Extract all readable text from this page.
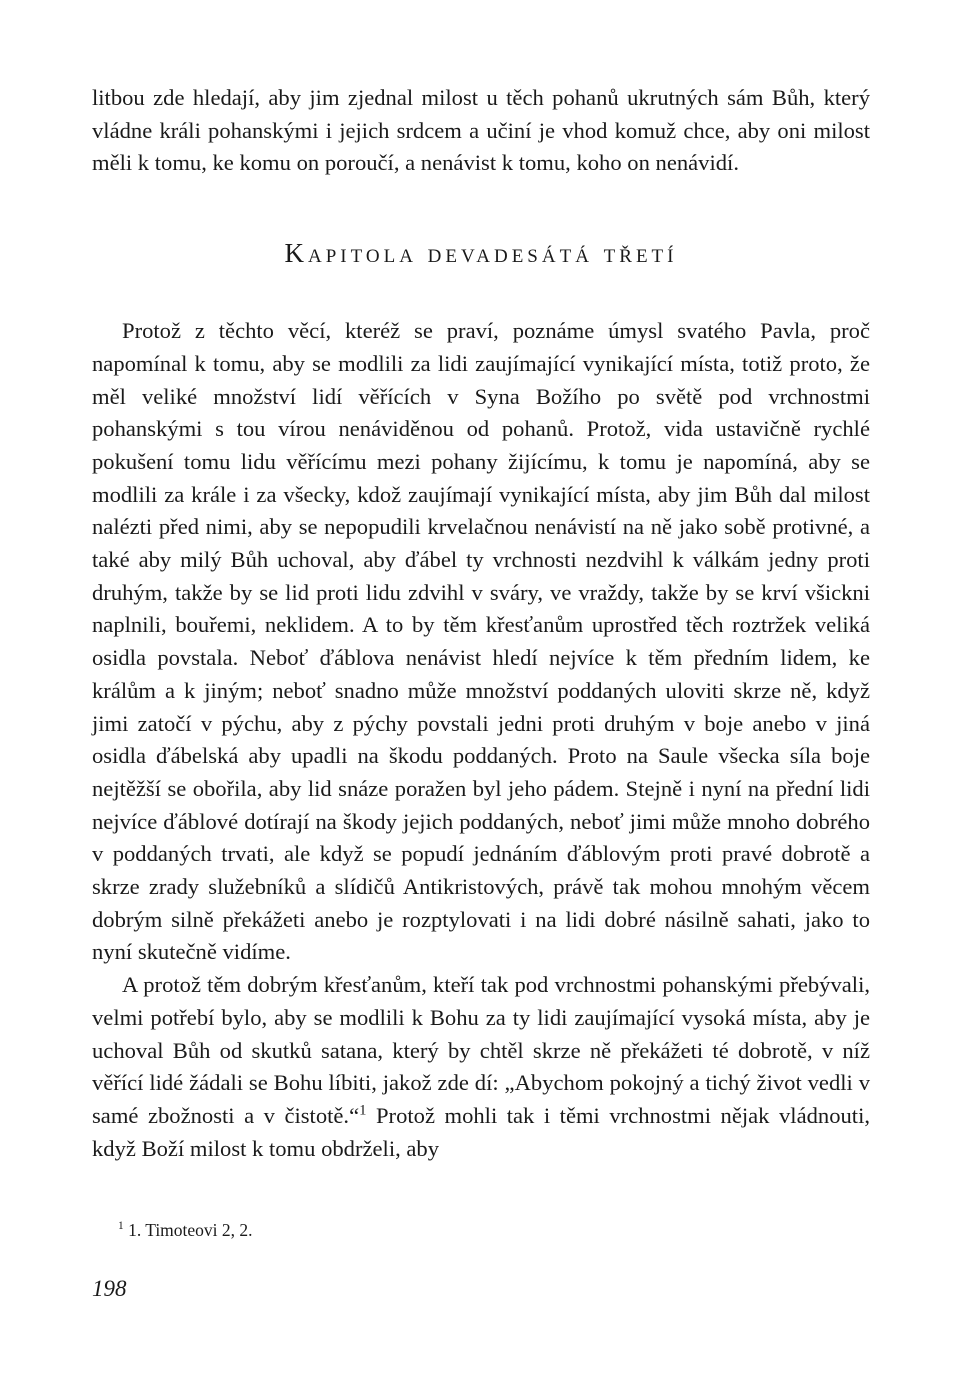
litbou zde hledají, aby jim zjednal milost u těch pohanů ukrutných sám Bůh, který vládne králi pohanskými i jejich srdcem a učiní je vhod komuž chce, aby oni milost měli k tomu, ke komu on poroučí, a nenávist k tomu, koho on nenávidí.

Kapitola devadesátá třetí

Protož z těchto věcí, kteréž se praví, poznáme úmysl svatého Pavla, proč napomínal k tomu, aby se modlili za lidi zaujímající vynikající místa, totiž proto, že měl veliké množství lidí věřících v Syna Božího po světě pod vrchnostmi pohanskými s tou vírou nenáviděnou od pohanů. Protož, vida ustavičně rychlé pokušení tomu lidu věřícímu mezi pohany žijícímu, k tomu je napomíná, aby se modlili za krále i za všecky, kdož zaujímají vynikající místa, aby jim Bůh dal milost nalézti před nimi, aby se nepopudili krvelačnou nenávistí na ně jako sobě protivné, a také aby milý Bůh uchoval, aby ďábel ty vrchnosti nezdvihl k válkám jedny proti druhým, takže by se lid proti lidu zdvihl v sváry, ve vraždy, takže by se krví všickni naplnili, bouřemi, neklidem. A to by těm křesťanům uprostřed těch roztržek veliká osidla povstala. Neboť ďáblova nenávist hledí nejvíce k těm předním lidem, ke králům a k jiným; neboť snadno může množství poddaných uloviti skrze ně, když jimi zatočí v pýchu, aby z pýchy povstali jedni proti druhým v boje anebo v jiná osidla ďábelská aby upadli na škodu poddaných. Proto na Saule všecka síla boje nejtěžší se obořila, aby lid snáze poražen byl jeho pádem. Stejně i nyní na přední lidi nejvíce ďáblové dotírají na škody jejich poddaných, neboť jimi může mnoho dobrého v poddaných trvati, ale když se popudí jednáním ďáblovým proti pravé dobrotě a skrze zrady služebníků a slídičů Antikristových, právě tak mohou mnohým věcem dobrým silně překážeti anebo je rozptylovati i na lidi dobré násilně sahati, jako to nyní skutečně vidíme.

A protož těm dobrým křesťanům, kteří tak pod vrchnostmi pohanskými přebývali, velmi potřebí bylo, aby se modlili k Bohu za ty lidi zaujímající vysoká místa, aby je uchoval Bůh od skutků satana, který by chtěl skrze ně překážeti té dobrotě, v níž věřící lidé žádali se Bohu líbiti, jakož zde dí: „Abychom pokojný a tichý život vedli v samé zbožnosti a v čistotě.“$^1$ Protož mohli tak i těmi vrchnostmi nějak vládnouti, když Boží milost k tomu obdrželi, aby

$^1$ 1. Timoteovi 2, 2.
198
